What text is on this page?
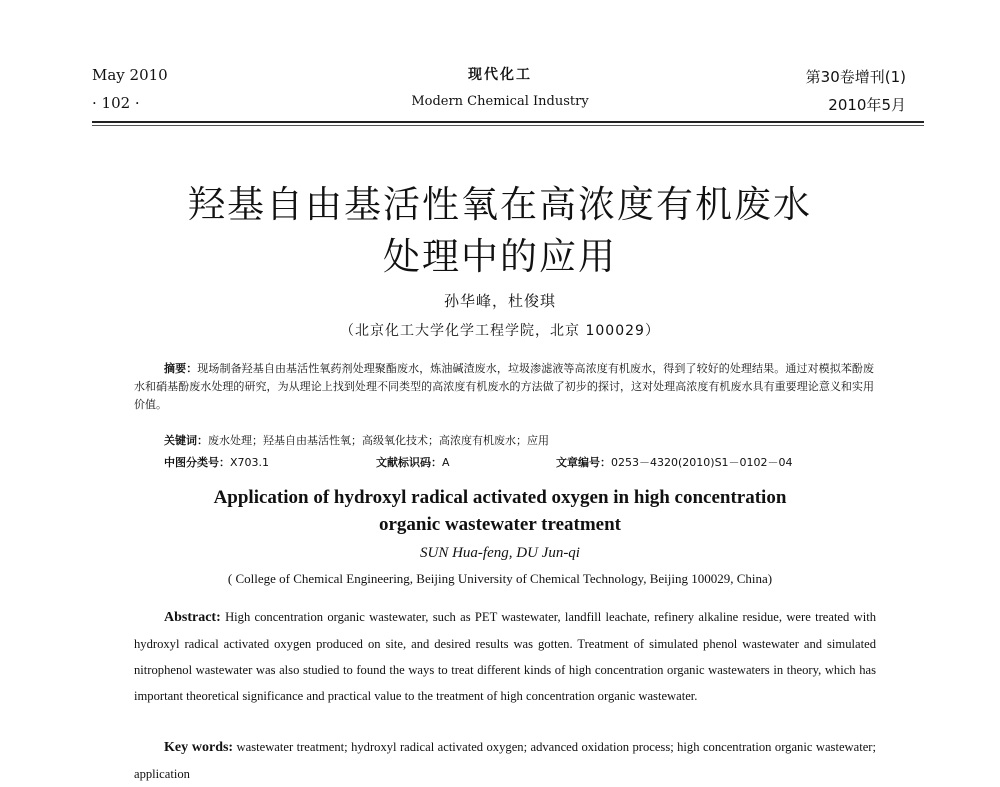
May 2010
· 102 ·
现代化工
Modern Chemical Industry
第30卷增刊(1)
2010年5月
羟基自由基活性氧在高浓度有机废水
处理中的应用
孙华峰，杜俊琪
（北京化工大学化学工程学院，北京 100029）
摘要：现场制备羟基自由基活性氧药剂处理聚酯废水，炼油碱渣废水，垃圾渗滤液等高浓度有机废水，得到了较好的处理结果。通过对模拟苯酚废水和硝基酚废水处理的研究，为从理论上找到处理不同类型的高浓度有机废水的方法做了初步的探讨，这对处理高浓度有机废水具有重要理论意义和实用价值。
关键词：废水处理；羟基自由基活性氧；高级氧化技术；高浓度有机废水；应用
中图分类号：X703.1	文献标识码：A	文章编号：0253－4320(2010)S1－0102－04
Application of hydroxyl radical activated oxygen in high concentration
organic wastewater treatment
SUN Hua-feng, DU Jun-qi
( College of Chemical Engineering, Beijing University of Chemical Technology, Beijing 100029, China)
Abstract: High concentration organic wastewater, such as PET wastewater, landfill leachate, refinery alkaline residue, were treated with hydroxyl radical activated oxygen produced on site, and desired results was gotten. Treatment of simulated phenol wastewater and simulated nitrophenol wastewater was also studied to found the ways to treat different kinds of high concentration organic wastewaters in theory, which has important theoretical significance and practical value to the treatment of high concentration organic wastewater.
Key words: wastewater treatment; hydroxyl radical activated oxygen; advanced oxidation process; high concentration organic wastewater; application
